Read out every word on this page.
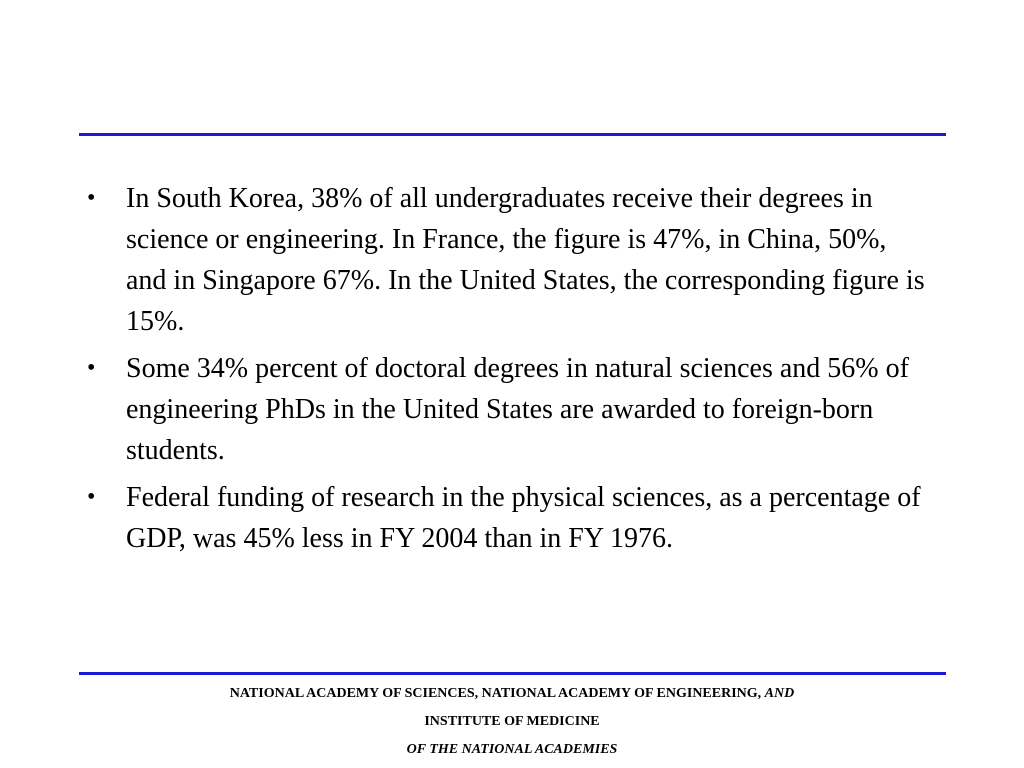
• In South Korea, 38% of all undergraduates receive their degrees in science or engineering. In France, the figure is 47%, in China, 50%, and in Singapore 67%. In the United States, the corresponding figure is 15%.
• Some 34% percent of doctoral degrees in natural sciences and 56% of engineering PhDs in the United States are awarded to foreign-born students.
• Federal funding of research in the physical sciences, as a percentage of GDP, was 45% less in FY 2004 than in FY 1976.
NATIONAL ACADEMY OF SCIENCES, NATIONAL ACADEMY OF ENGINEERING, AND
INSTITUTE OF MEDICINE
OF THE NATIONAL ACADEMIES
